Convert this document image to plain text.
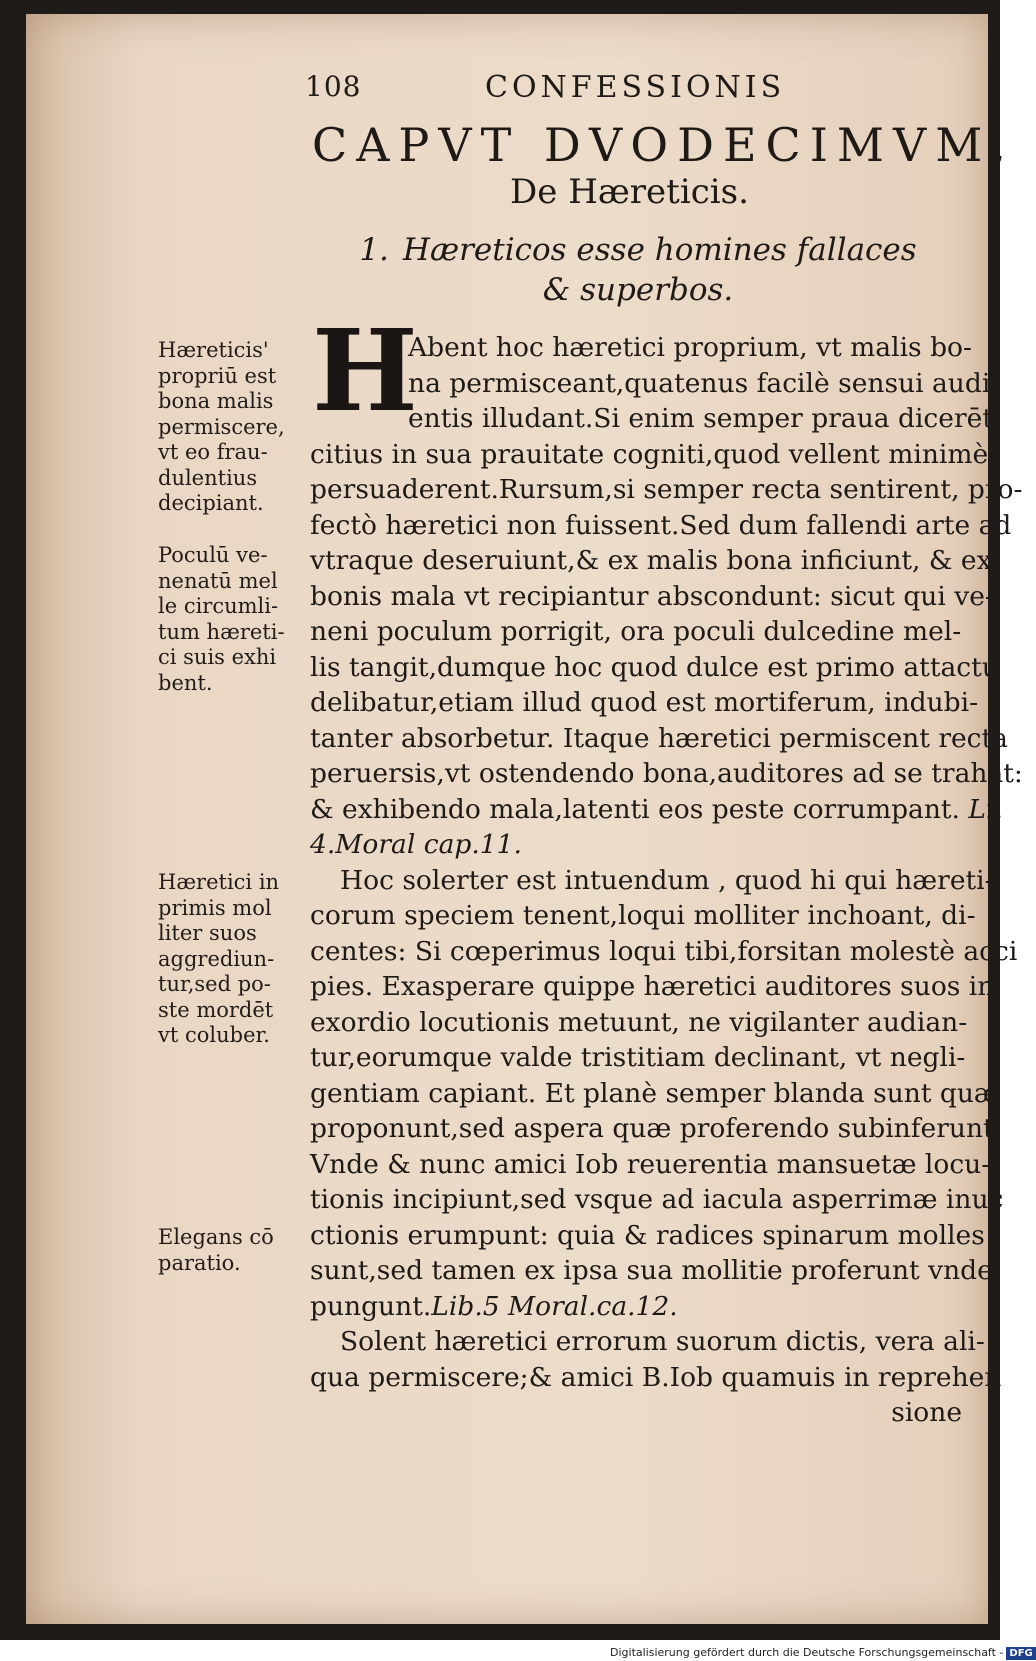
108	CONFESSIONIS
CAPVT DVODECIMVM,
De Hæreticis.
1. Hæreticos esse homines fallaces & superbos.
H
Abent hoc hæretici proprium, vt malis bo-
na permisceant,quatenus facilè sensui audi-
entis illudant.Si enim semper praua dicerēt,
citius in sua prauitate cogniti,quod vellent minimè
persuaderent.Rursum,si semper recta sentirent, pro-
fectò hæretici non fuissent.Sed dum fallendi arte ad
vtraque deseruiunt,& ex malis bona inficiunt, & ex
bonis mala vt recipiantur abscondunt: sicut qui ve-
neni poculum porrigit, ora poculi dulcedine mel-
lis tangit,dumque hoc quod dulce est primo attactu
delibatur,etiam illud quod est mortiferum, indubi-
tanter absorbetur. Itaque hæretici permiscent recta
peruersis,vt ostendendo bona,auditores ad se trahāt:
& exhibendo mala,latenti eos peste corrumpant. Li.
4.Moral cap.11.
Hoc solerter est intuendum , quod hi qui hæreti-
corum speciem tenent,loqui molliter inchoant, di-
centes: Si cœperimus loqui tibi,forsitan molestè acci
pies. Exasperare quippe hæretici auditores suos in
exordio locutionis metuunt, ne vigilanter audian-
tur,eorumque valde tristitiam declinant, vt negli-
gentiam capiant. Et planè semper blanda sunt quæ
proponunt,sed aspera quæ proferendo subinferunt.
Vnde & nunc amici Iob reuerentia mansuetæ locu-
tionis incipiunt,sed vsque ad iacula asperrimæ inuc
ctionis erumpunt: quia & radices spinarum molles
sunt,sed tamen ex ipsa sua mollitie proferunt vnde
pungunt.Lib.5 Moral.ca.12.
Solent hæretici errorum suorum dictis, vera ali-
qua permiscere;& amici B.Iob quamuis in reprehen
sione
Hæreticis'
propriū est
bona malis
permiscere,
vt eo frau-
dulentius
decipiant.
Poculū ve-
nenatū mel
le circumli-
tum hæreti-
ci suis exhi
bent.
Hæretici in
primis mol
liter suos
aggrediun-
tur,sed po-
ste mordēt
vt coluber.
Elegans cō
paratio.
Digitalisierung gefördert durch die Deutsche Forschungsgemeinschaft - DFG
